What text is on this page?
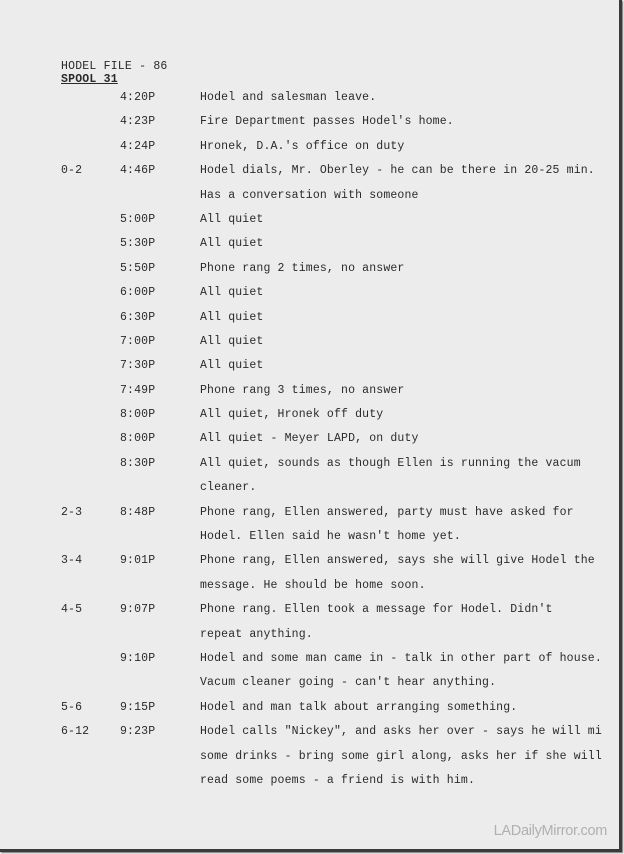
HODEL FILE - 86
SPOOL 31
4:20P	Hodel and salesman leave.
4:23P	Fire Department passes Hodel's home.
4:24P	Hronek, D.A.'s office on duty
0-2	4:46P	Hodel dials, Mr. Oberley - he can be there in 20-25 min.
Has a conversation with someone
5:00P	All quiet
5:30P	All quiet
5:50P	Phone rang 2 times, no answer
6:00P	All quiet
6:30P	All quiet
7:00P	All quiet
7:30P	All quiet
7:49P	Phone rang 3 times, no answer
8:00P	All quiet, Hronek off duty
8:00P	All quiet - Meyer LAPD, on duty
8:30P	All quiet, sounds as though Ellen is running the vacum
cleaner.
2-3	8:48P	Phone rang, Ellen answered, party must have asked for
Hodel. Ellen said he wasn't home yet.
3-4	9:01P	Phone rang, Ellen answered, says she will give Hodel the
message. He should be home soon.
4-5	9:07P	Phone rang. Ellen took a message for Hodel. Didn't
repeat anything.
9:10P	Hodel and some man came in - talk in other part of house.
Vacum cleaner going - can't hear anything.
5-6	9:15P	Hodel and man talk about arranging something.
6-12	9:23P	Hodel calls "Nickey", and asks her over - says he will mi
some drinks - bring some girl along, asks her if she will
read some poems - a friend is with him.
LADailyMirror.com
